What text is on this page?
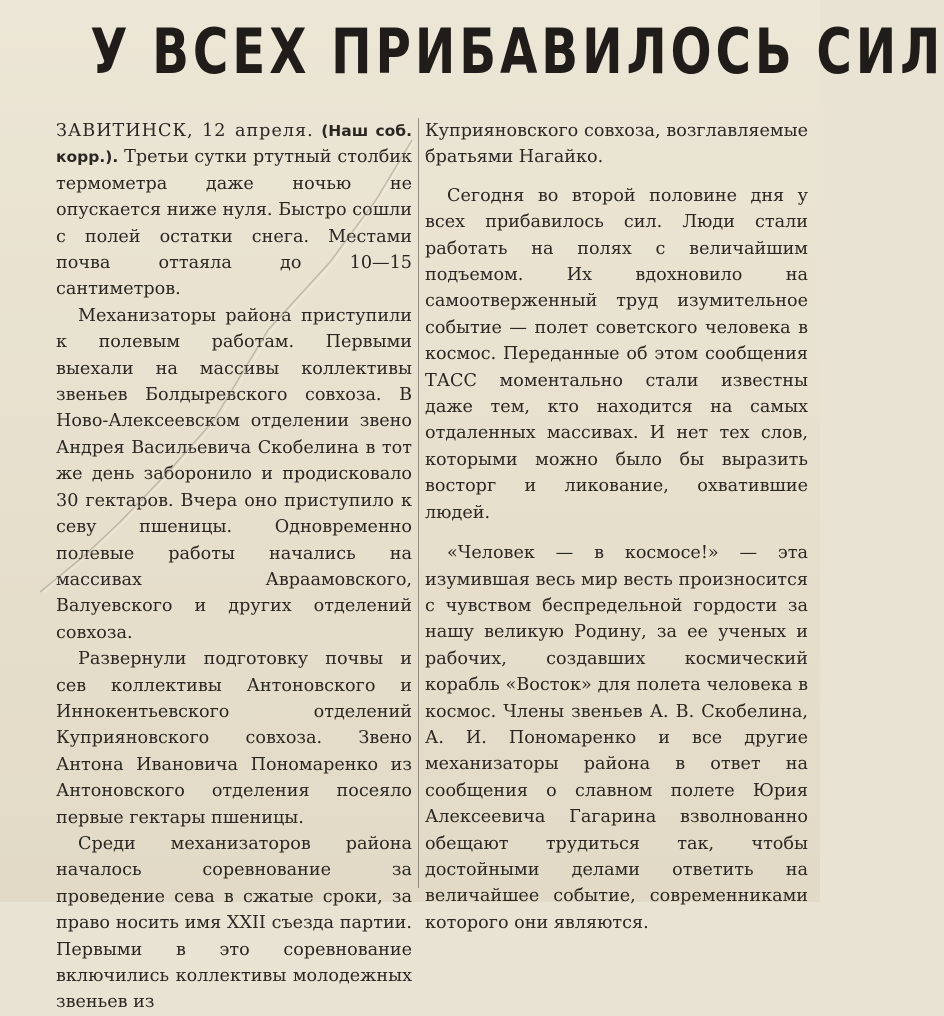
У ВСЕХ ПРИБАВИЛОСЬ СИЛ

ЗАВИТИНСК, 12 апреля. (Наш соб. корр.). Третьи сутки ртутный столбик термометра даже ночью не опускается ниже нуля. Быстро сошли с полей остатки снега. Местами почва оттаяла до 10—15 сантиметров.

Механизаторы района приступили к полевым работам. Первыми выехали на массивы коллективы звеньев Болдыревского совхоза. В Ново-Алексеевском отделении звено Андрея Васильевича Скобелина в тот же день заборонило и продисковало 30 гектаров. Вчера оно приступило к севу пшеницы. Одновременно полевые работы начались на массивах Авраамовского, Валуевского и других отделений совхоза.

Развернули подготовку почвы и сев коллективы Антоновского и Иннокентьевского отделений Куприяновского совхоза. Звено Антона Ивановича Пономаренко из Антоновского отделения посеяло первые гектары пшеницы.

Среди механизаторов района началось соревнование за проведение сева в сжатые сроки, за право носить имя XXII съезда партии. Первыми в это соревнование включились коллективы молодежных звеньев из

Куприяновского совхоза, возглавляемые братьями Нагайко.

Сегодня во второй половине дня у всех прибавилось сил. Люди стали работать на полях с величайшим подъемом. Их вдохновило на самоотверженный труд изумительное событие — полет советского человека в космос. Переданные об этом сообщения ТАСС моментально стали известны даже тем, кто находится на самых отдаленных массивах. И нет тех слов, которыми можно было бы выразить восторг и ликование, охватившие людей.

«Человек — в космосе!» — эта изумившая весь мир весть произносится с чувством беспредельной гордости за нашу великую Родину, за ее ученых и рабочих, создавших космический корабль «Восток» для полета человека в космос. Члены звеньев А. В. Скобелина, А. И. Пономаренко и все другие механизаторы района в ответ на сообщения о славном полете Юрия Алексеевича Гагарина взволнованно обещают трудиться так, чтобы достойными делами ответить на величайшее событие, современниками которого они являются.
